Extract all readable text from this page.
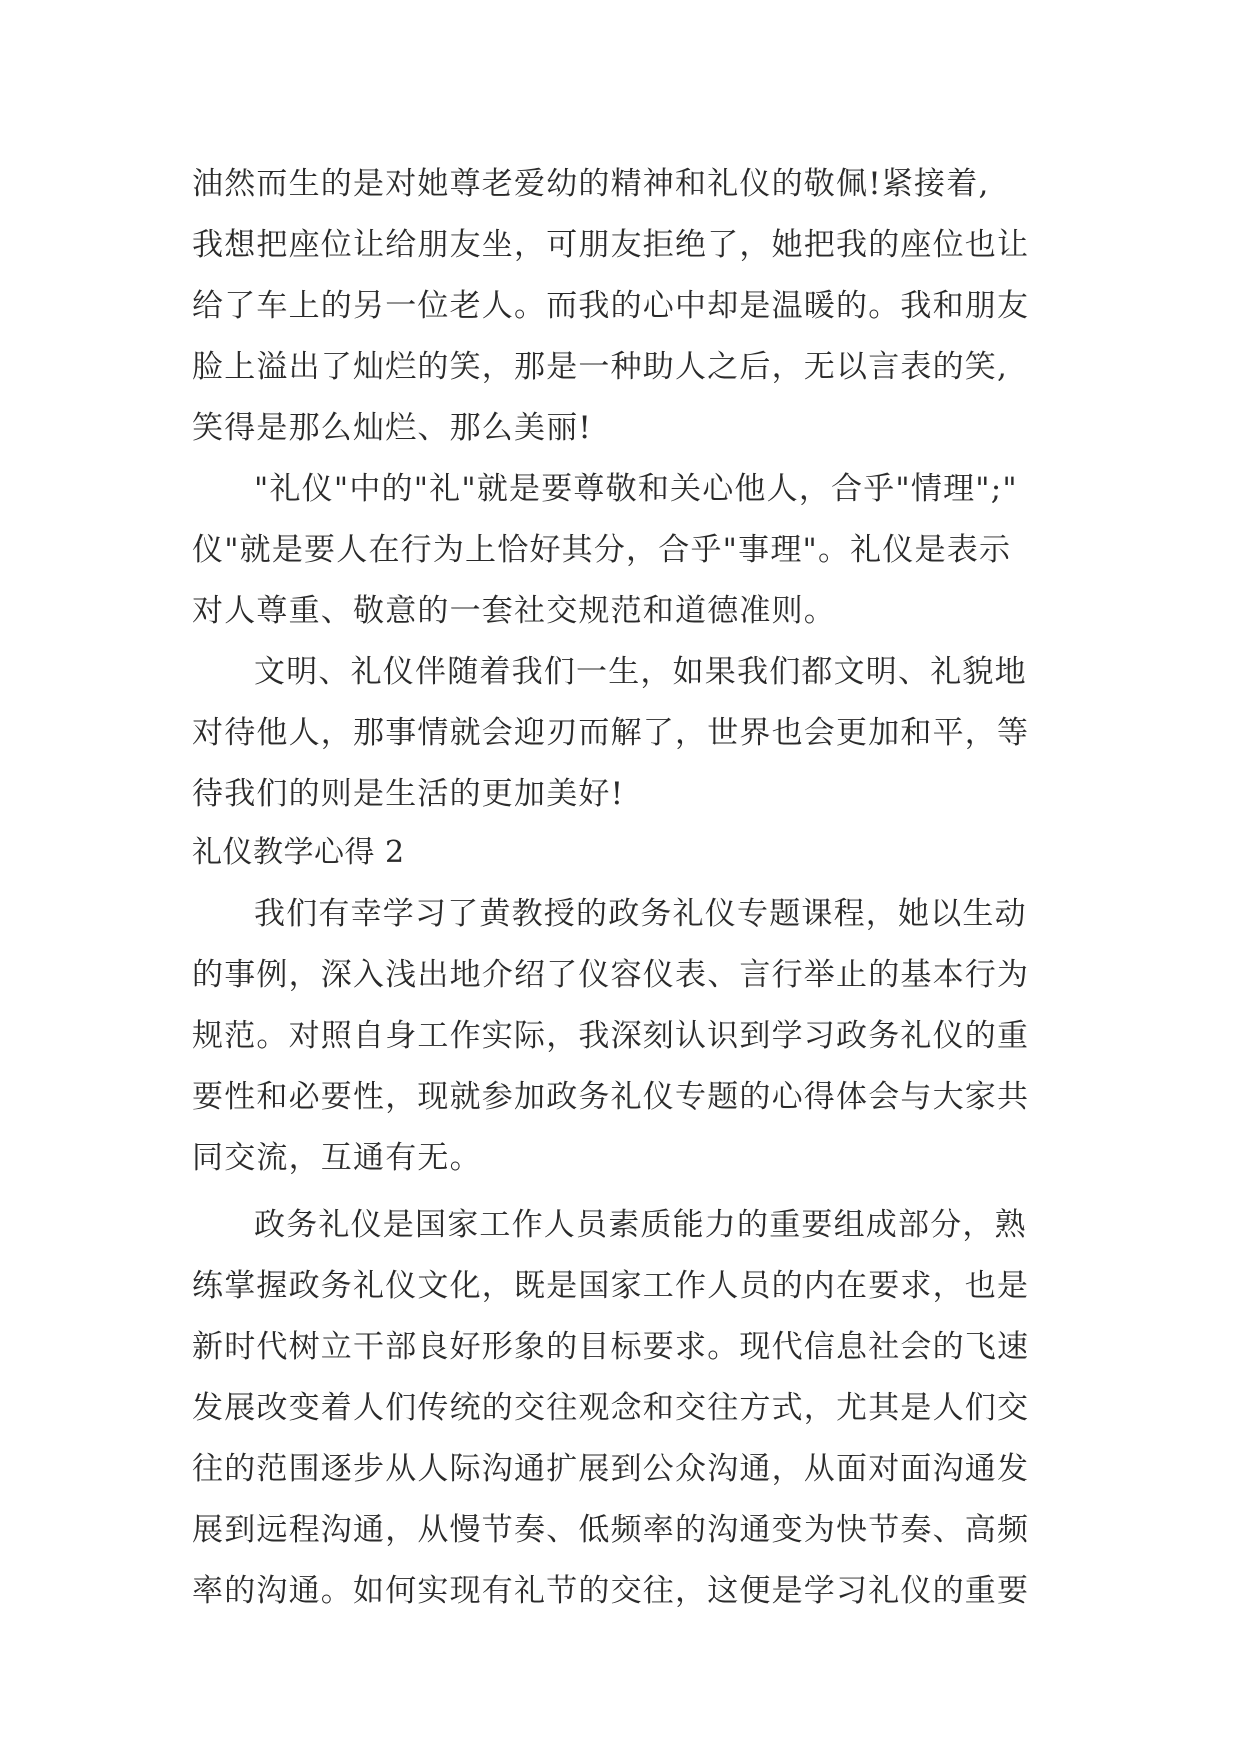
油然而生的是对她尊老爱幼的精神和礼仪的敬佩!紧接着,
我想把座位让给朋友坐，可朋友拒绝了，她把我的座位也让
给了车上的另一位老人。而我的心中却是温暖的。我和朋友
脸上溢出了灿烂的笑，那是一种助人之后，无以言表的笑,
笑得是那么灿烂、那么美丽!
"礼仪"中的"礼"就是要尊敬和关心他人，合乎"情理";"
仪"就是要人在行为上恰好其分，合乎"事理"。礼仪是表示
对人尊重、敬意的一套社交规范和道德准则。
文明、礼仪伴随着我们一生，如果我们都文明、礼貌地
对待他人，那事情就会迎刃而解了，世界也会更加和平，等
待我们的则是生活的更加美好!
礼仪教学心得 2
我们有幸学习了黄教授的政务礼仪专题课程，她以生动
的事例，深入浅出地介绍了仪容仪表、言行举止的基本行为
规范。对照自身工作实际，我深刻认识到学习政务礼仪的重
要性和必要性，现就参加政务礼仪专题的心得体会与大家共
同交流，互通有无。
政务礼仪是国家工作人员素质能力的重要组成部分，熟
练掌握政务礼仪文化，既是国家工作人员的内在要求，也是
新时代树立干部良好形象的目标要求。现代信息社会的飞速
发展改变着人们传统的交往观念和交往方式，尤其是人们交
往的范围逐步从人际沟通扩展到公众沟通，从面对面沟通发
展到远程沟通，从慢节奏、低频率的沟通变为快节奏、高频
率的沟通。如何实现有礼节的交往，这便是学习礼仪的重要
